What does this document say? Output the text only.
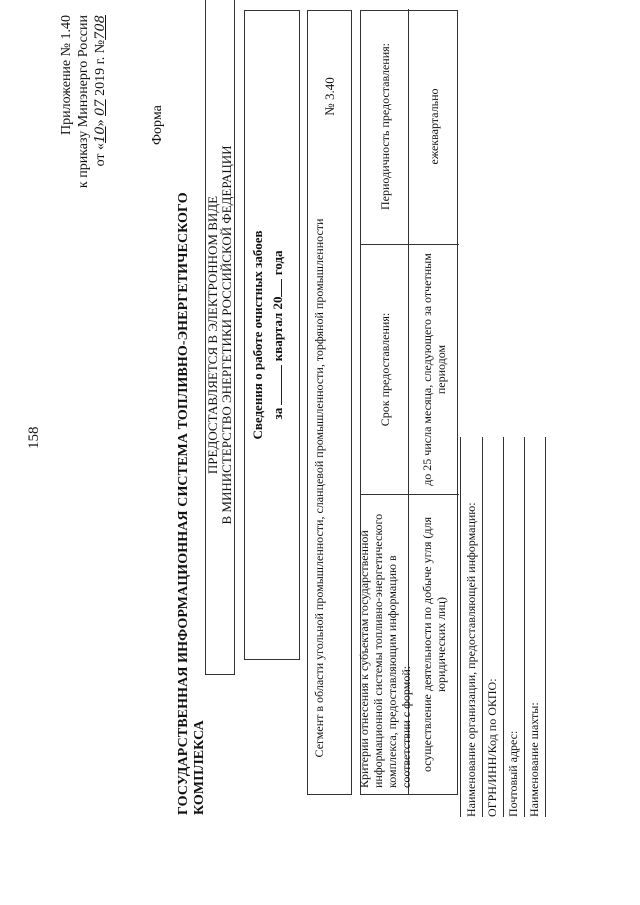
158
Приложение № 1.40 к приказу Минэнерго России от «10» 07 2019 г. №708
Форма
ГОСУДАРСТВЕННАЯ ИНФОРМАЦИОННАЯ СИСТЕМА ТОПЛИВНО-ЭНЕРГЕТИЧЕСКОГО КОМПЛЕКСА
ПРЕДОСТАВЛЯЕТСЯ В ЭЛЕКТРОННОМ ВИДЕ В МИНИСТЕРСТВО ЭНЕРГЕТИКИ РОССИЙСКОЙ ФЕДЕРАЦИИ Сведения о работе очистных забоев за  квартал 20 года	Сегмент в области угольной промышленности, сланцевой промышленности, торфяной промышленности
№ 3.40
Критерии отнесения к субъектам государственной информационной системы топливно-энергетического комплекса, предоставляющим информацию в соответствии с формой:
Срок предоставления:
Периодичность предоставления:
осуществление деятельности по добыче угля (для юридических лиц)
до 25 числа месяца, следующего за отчетным периодом
ежеквартально
Наименование организации, предоставляющей информацию: ОГРН/ИНН/Код по ОКПО: Почтовый адрес: Наименование шахты:
